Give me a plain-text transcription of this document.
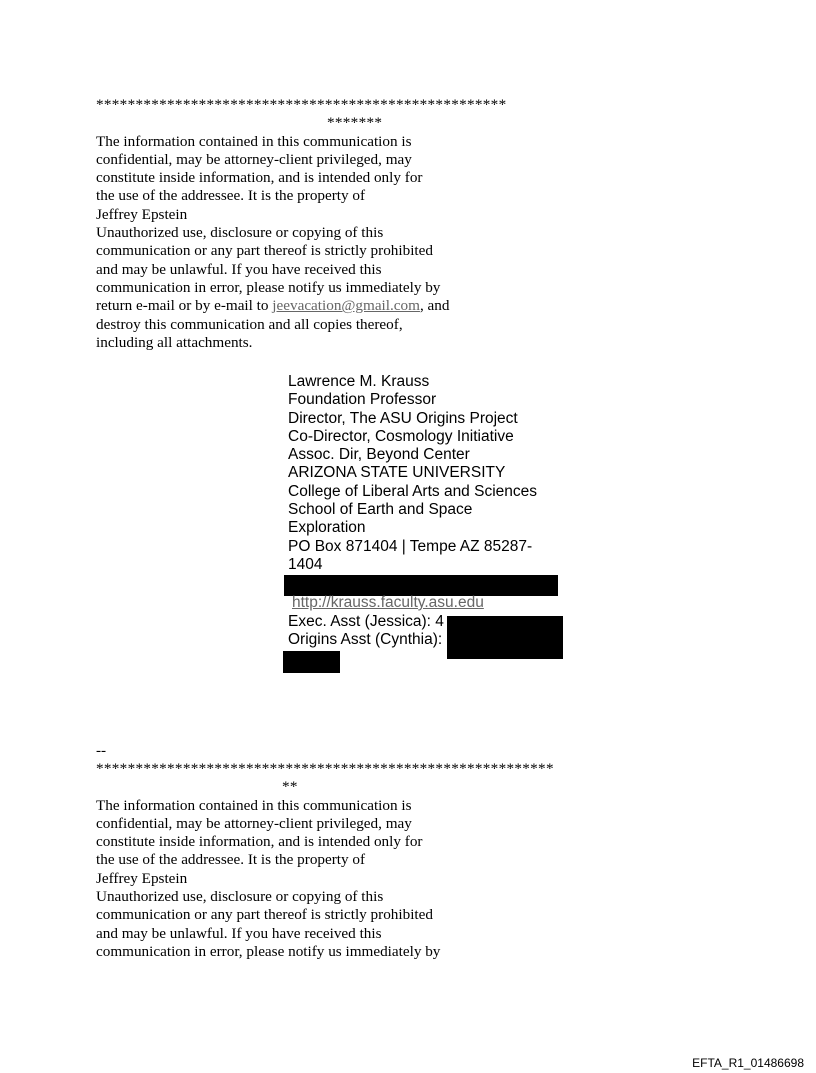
****************************************************
*******
The information contained in this communication is
confidential, may be attorney-client privileged, may
constitute inside information, and is intended only for
the use of the addressee. It is the property of
Jeffrey Epstein
Unauthorized use, disclosure or copying of this
communication or any part thereof is strictly prohibited
and may be unlawful. If you have received this
communication in error, please notify us immediately by
return e-mail or by e-mail to jeevacation@gmail.com, and
destroy this communication and all copies thereof,
including all attachments.
Lawrence M. Krauss
Foundation Professor
Director, The ASU Origins Project
Co-Director, Cosmology Initiative
Assoc. Dir, Beyond Center
ARIZONA STATE UNIVERSITY
College of Liberal Arts and Sciences
School of Earth and Space
Exploration
PO Box 871404 | Tempe AZ 85287-
1404
http://krauss.faculty.asu.edu
Exec. Asst (Jessica): 4
Origins Asst (Cynthia):
--
**********************************************************
**
The information contained in this communication is
confidential, may be attorney-client privileged, may
constitute inside information, and is intended only for
the use of the addressee. It is the property of
Jeffrey Epstein
Unauthorized use, disclosure or copying of this
communication or any part thereof is strictly prohibited
and may be unlawful. If you have received this
communication in error, please notify us immediately by
EFTA_R1_01486698
